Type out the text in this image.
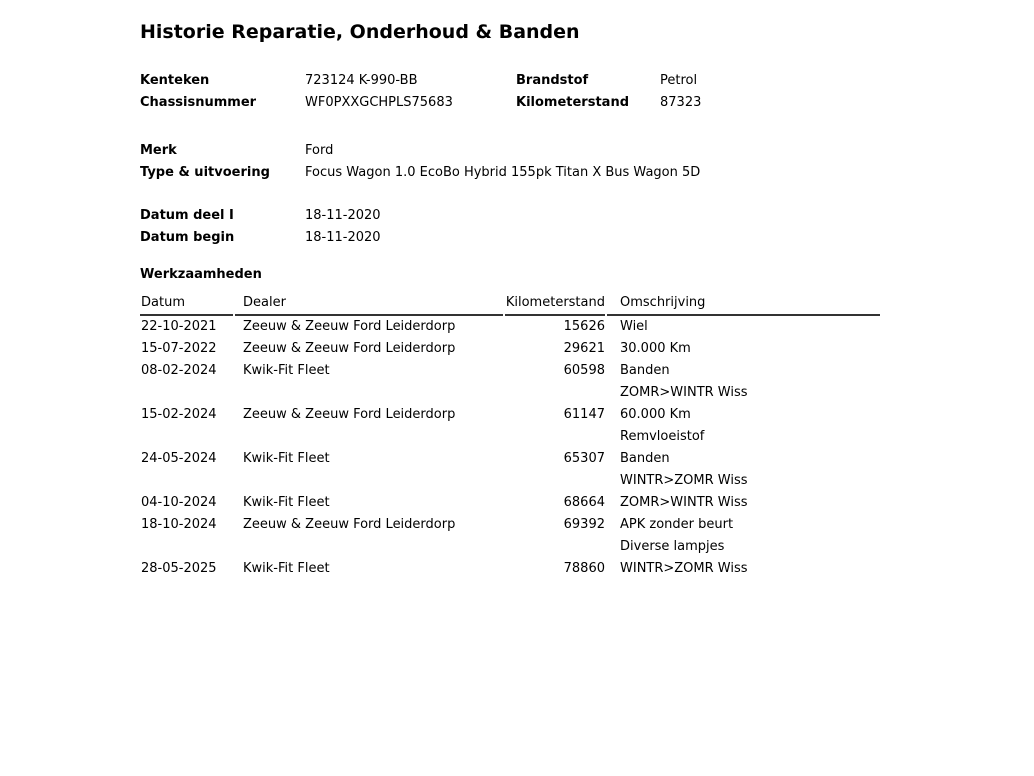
Historie Reparatie, Onderhoud & Banden
Kenteken	723124 K-990-BB	Brandstof	Petrol
Chassisnummer	WF0PXXGCHPLS75683	Kilometerstand	87323
Merk	Ford
Type & uitvoering	Focus Wagon 1.0 EcoBo Hybrid 155pk Titan X Bus Wagon 5D
Datum deel I	18-11-2020
Datum begin	18-11-2020
Werkzaamheden
Datum	Dealer	Kilometerstand	Omschrijving
22-10-2021	Zeeuw & Zeeuw Ford Leiderdorp	15626	Wiel
15-07-2022	Zeeuw & Zeeuw Ford Leiderdorp	29621	30.000 Km
08-02-2024	Kwik-Fit Fleet	60598	Banden
			ZOMR>WINTR Wiss
15-02-2024	Zeeuw & Zeeuw Ford Leiderdorp	61147	60.000 Km
			Remvloeistof
24-05-2024	Kwik-Fit Fleet	65307	Banden
			WINTR>ZOMR Wiss
04-10-2024	Kwik-Fit Fleet	68664	ZOMR>WINTR Wiss
18-10-2024	Zeeuw & Zeeuw Ford Leiderdorp	69392	APK zonder beurt
			Diverse lampjes
28-05-2025	Kwik-Fit Fleet	78860	WINTR>ZOMR Wiss
